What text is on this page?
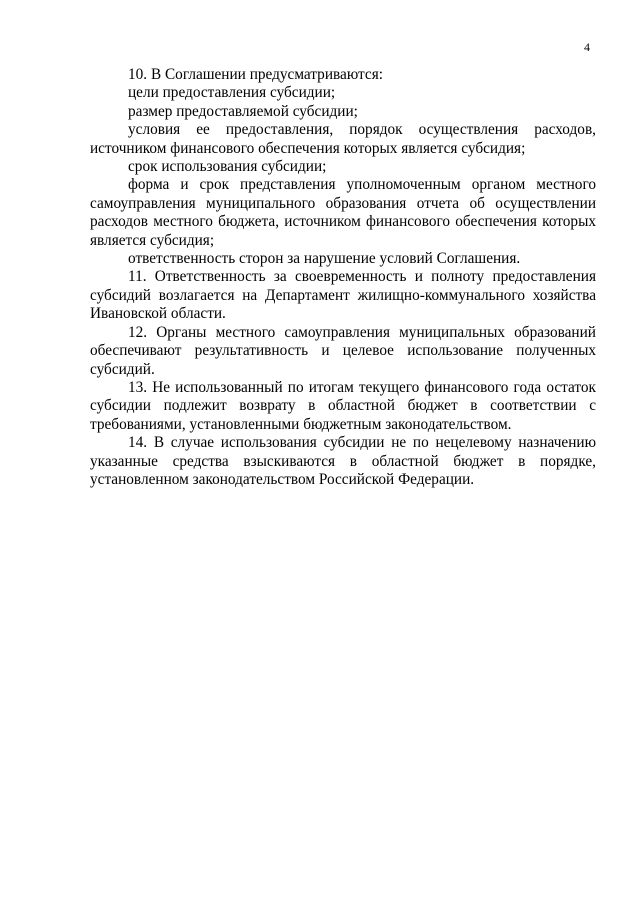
4

10. В Соглашении предусматриваются:

цели предоставления субсидии;

размер предоставляемой субсидии;

условия ее предоставления, порядок осуществления расходов, источником финансового обеспечения которых является субсидия;

срок использования субсидии;

форма и срок представления уполномоченным органом местного самоуправления муниципального образования отчета об осуществлении расходов местного бюджета, источником финансового обеспечения которых является субсидия;

ответственность сторон за нарушение условий Соглашения.

11. Ответственность за своевременность и полноту предоставления субсидий возлагается на Департамент жилищно-коммунального хозяйства Ивановской области.

12. Органы местного самоуправления муниципальных образований обеспечивают результативность и целевое использование полученных субсидий.

13. Не использованный по итогам текущего финансового года остаток субсидии подлежит возврату в областной бюджет в соответствии с требованиями, установленными бюджетным законодательством.

14. В случае использования субсидии не по нецелевому назначению указанные средства взыскиваются в областной бюджет в порядке, установленном законодательством Российской Федерации.
